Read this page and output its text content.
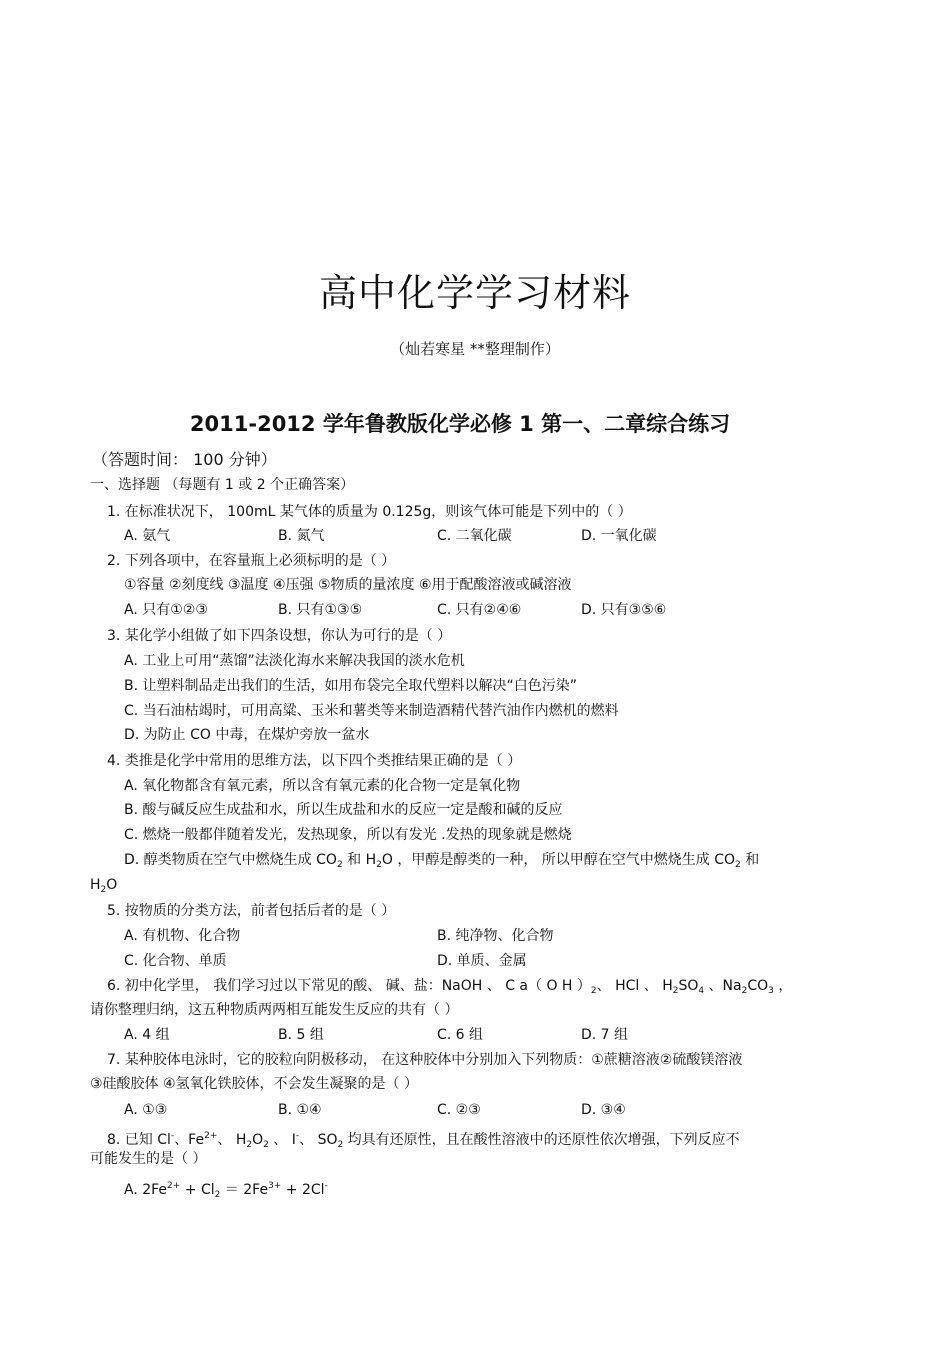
高中化学学习材料
（灿若寒星 **整理制作）
2011-2012 学年鲁教版化学必修 1 第一、二章综合练习
（答题时间： 100 分钟）
一、选择题 （每题有 1 或 2 个正确答案）
1. 在标准状况下， 100mL 某气体的质量为 0.125g，则该气体可能是下列中的（ ）
A. 氨气	B. 氮气	C. 二氧化碳	D. 一氧化碳
2. 下列各项中，在容量瓶上必须标明的是（ ）
①容量 ②刻度线 ③温度 ④压强 ⑤物质的量浓度 ⑥用于配酸溶液或碱溶液
A. 只有①②③	B. 只有①③⑤	C. 只有②④⑥	D. 只有③⑤⑥
3. 某化学小组做了如下四条设想，你认为可行的是（ ）
A. 工业上可用“蒸馏”法淡化海水来解决我国的淡水危机
B. 让塑料制品走出我们的生活，如用布袋完全取代塑料以解决“白色污染”
C. 当石油枯竭时，可用高粱、玉米和薯类等来制造酒精代替汽油作内燃机的燃料
D. 为防止 CO 中毒，在煤炉旁放一盆水
4. 类推是化学中常用的思维方法，以下四个类推结果正确的是（ ）
A. 氧化物都含有氧元素，所以含有氧元素的化合物一定是氧化物
B. 酸与碱反应生成盐和水，所以生成盐和水的反应一定是酸和碱的反应
C. 燃烧一般都伴随着发光，发热现象，所以有发光 .发热的现象就是燃烧
D. 醇类物质在空气中燃烧生成 $CO_2$ 和 $H_2O$ ，甲醇是醇类的一种， 所以甲醇在空气中燃烧生成 $CO_2$ 和
$H_2O$
5. 按物质的分类方法，前者包括后者的是（ ）
A. 有机物、化合物	B. 纯净物、化合物
C. 化合物、单质	D. 单质、金属
6. 初中化学里， 我们学习过以下常见的酸、 碱、盐：NaOH 、 C a（ O H ）$_2$、 HCl 、 $H_2SO_4$ 、$Na_2CO_3$ ，
请你整理归纳，这五种物质两两相互能发生反应的共有（ ）
A. 4 组	B. 5 组	C. 6 组	D. 7 组
7. 某种胶体电泳时，它的胶粒向阴极移动， 在这种胶体中分别加入下列物质：①蔗糖溶液②硫酸镁溶液
③硅酸胶体 ④氢氧化铁胶体，不会发生凝聚的是（ ）
A. ①③	B. ①④	C. ②③	D. ③④
8. 已知 Cl-、$Fe^{2+}$、 $H_2O_2$ 、 I-、 $SO_2$ 均具有还原性，且在酸性溶液中的还原性依次增强，下列反应不
可能发生的是（ ）
A. $2Fe^{2+} + Cl_2 = 2Fe^{3+} + 2Cl^-$
